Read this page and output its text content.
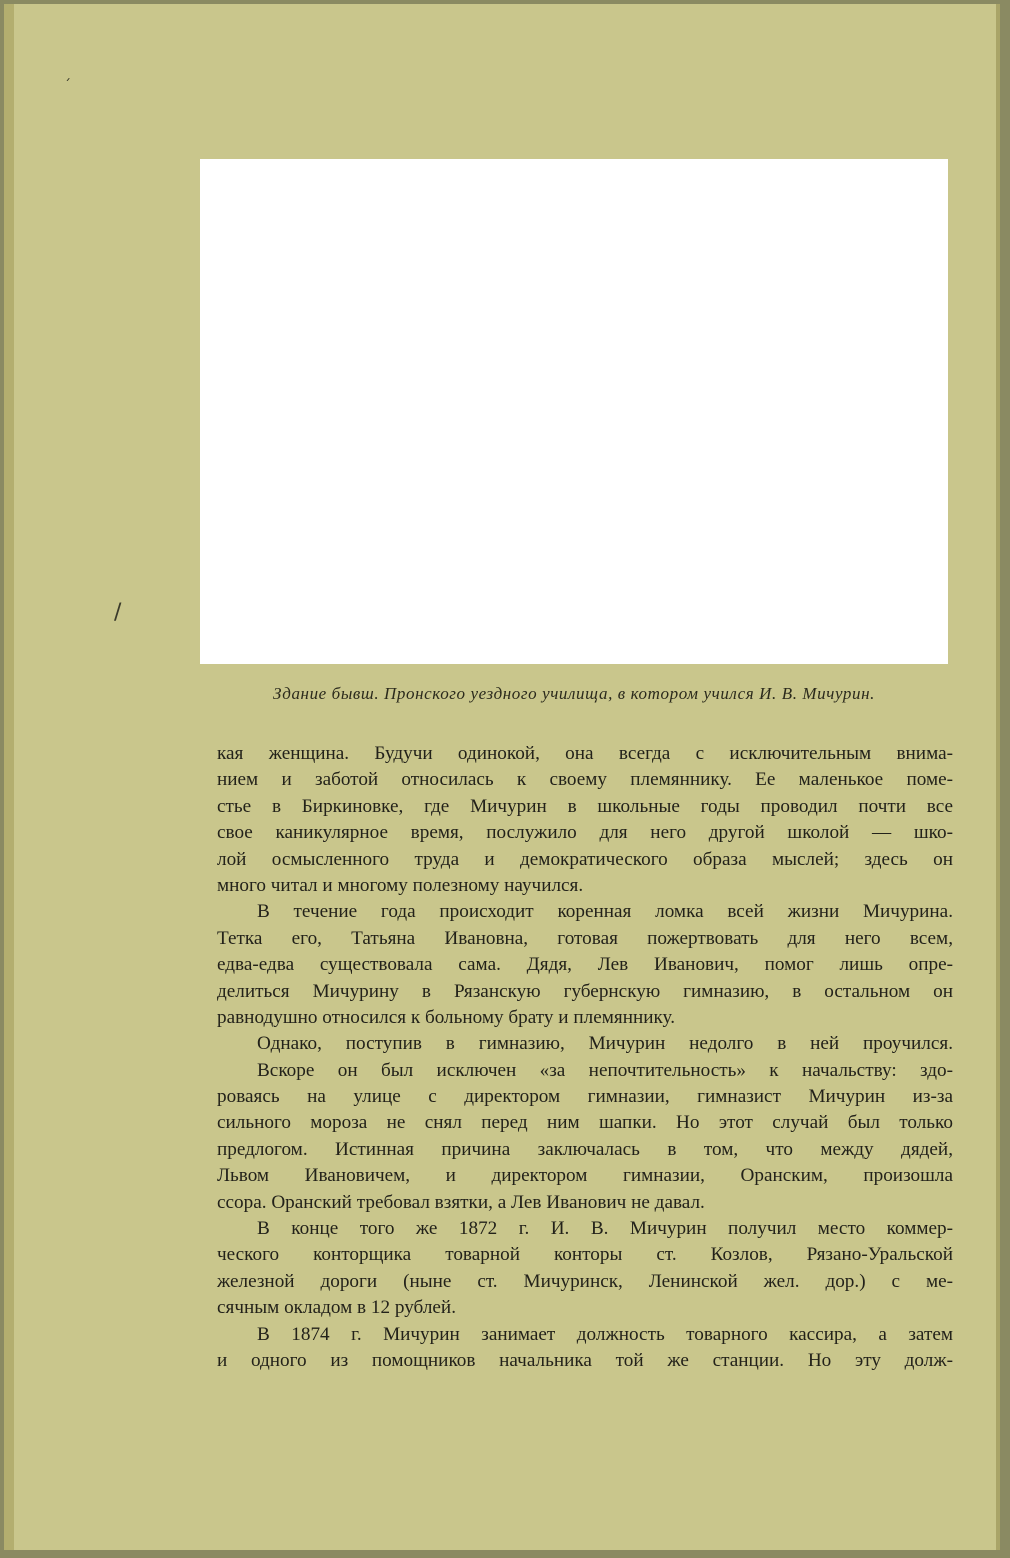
Здание бывш. Пронского уездного училища, в котором учился И. В. Мичурин.
кая женщина. Будучи одинокой, она всегда с исключительным внима-
нием и заботой относилась к своему племяннику. Ее маленькое поме-
стье в Биркиновке, где Мичурин в школьные годы проводил почти все
свое каникулярное время, послужило для него другой школой — шко-
лой осмысленного труда и демократического образа мыслей; здесь он
много читал и многому полезному научился.
В течение года происходит коренная ломка всей жизни Мичурина.
Тетка его, Татьяна Ивановна, готовая пожертвовать для него всем,
едва-едва существовала сама. Дядя, Лев Иванович, помог лишь опре-
делиться Мичурину в Рязанскую губернскую гимназию, в остальном он
равнодушно относился к больному брату и племяннику.
Однако, поступив в гимназию, Мичурин недолго в ней проучился.
Вскоре он был исключен «за непочтительность» к начальству: здо-
роваясь на улице с директором гимназии, гимназист Мичурин из-за
сильного мороза не снял перед ним шапки. Но этот случай был только
предлогом. Истинная причина заключалась в том, что между дядей,
Львом Ивановичем, и директором гимназии, Оранским, произошла
ссора. Оранский требовал взятки, а Лев Иванович не давал.
В конце того же 1872 г. И. В. Мичурин получил место коммер-
ческого конторщика товарной конторы ст. Козлов, Рязано-Уральской
железной дороги (ныне ст. Мичуринск, Ленинской жел. дор.) с ме-
сячным окладом в 12 рублей.
В 1874 г. Мичурин занимает должность товарного кассира, а затем
и одного из помощников начальника той же станции. Но эту долж-
/
´
